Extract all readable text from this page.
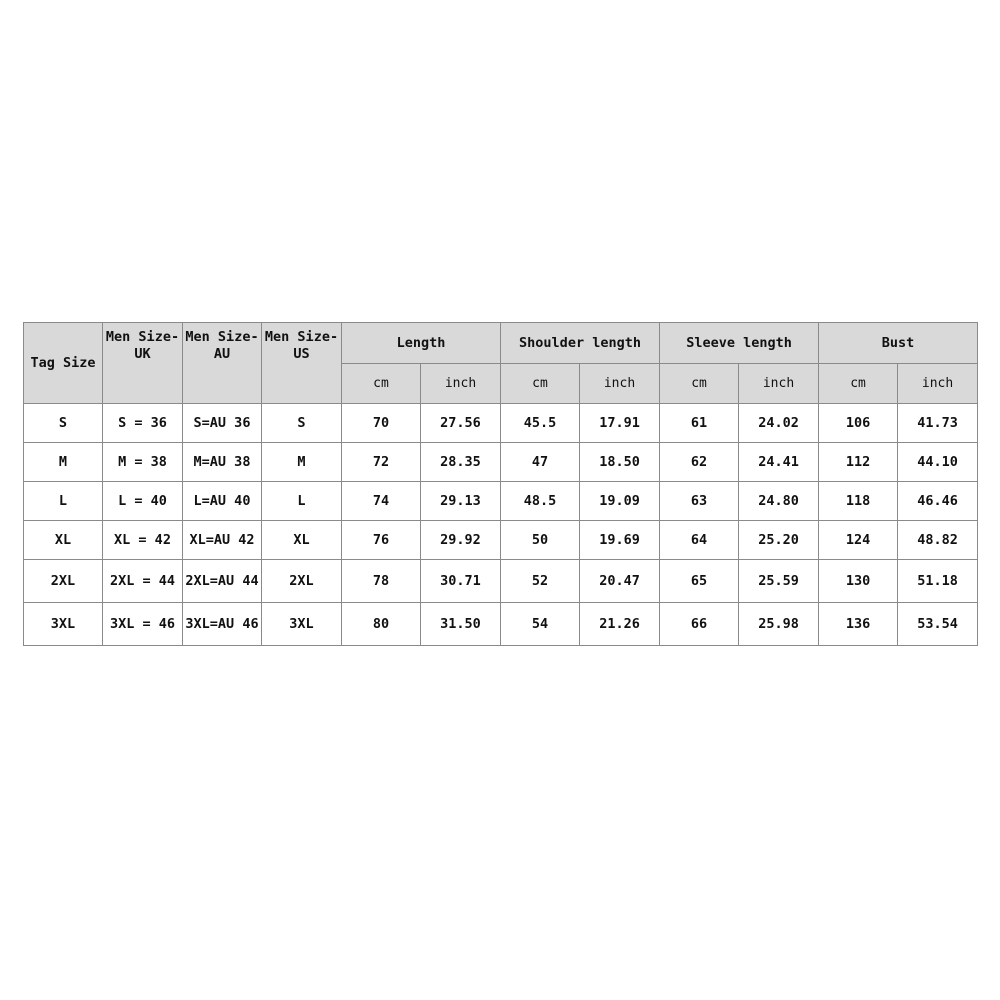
Tag Size	Men Size-UK	Men Size-AU	Men Size-US	Length		Shoulder length		Sleeve length		Bust	
				cm	inch	cm	inch	cm	inch	cm	inch
S	S = 36	S=AU 36	S	70	27.56	45.5	17.91	61	24.02	106	41.73
M	M = 38	M=AU 38	M	72	28.35	47	18.50	62	24.41	112	44.10
L	L = 40	L=AU 40	L	74	29.13	48.5	19.09	63	24.80	118	46.46
XL	XL = 42	XL=AU 42	XL	76	29.92	50	19.69	64	25.20	124	48.82
2XL	2XL = 44	2XL=AU 44	2XL	78	30.71	52	20.47	65	25.59	130	51.18
3XL	3XL = 46	3XL=AU 46	3XL	80	31.50	54	21.26	66	25.98	136	53.54
